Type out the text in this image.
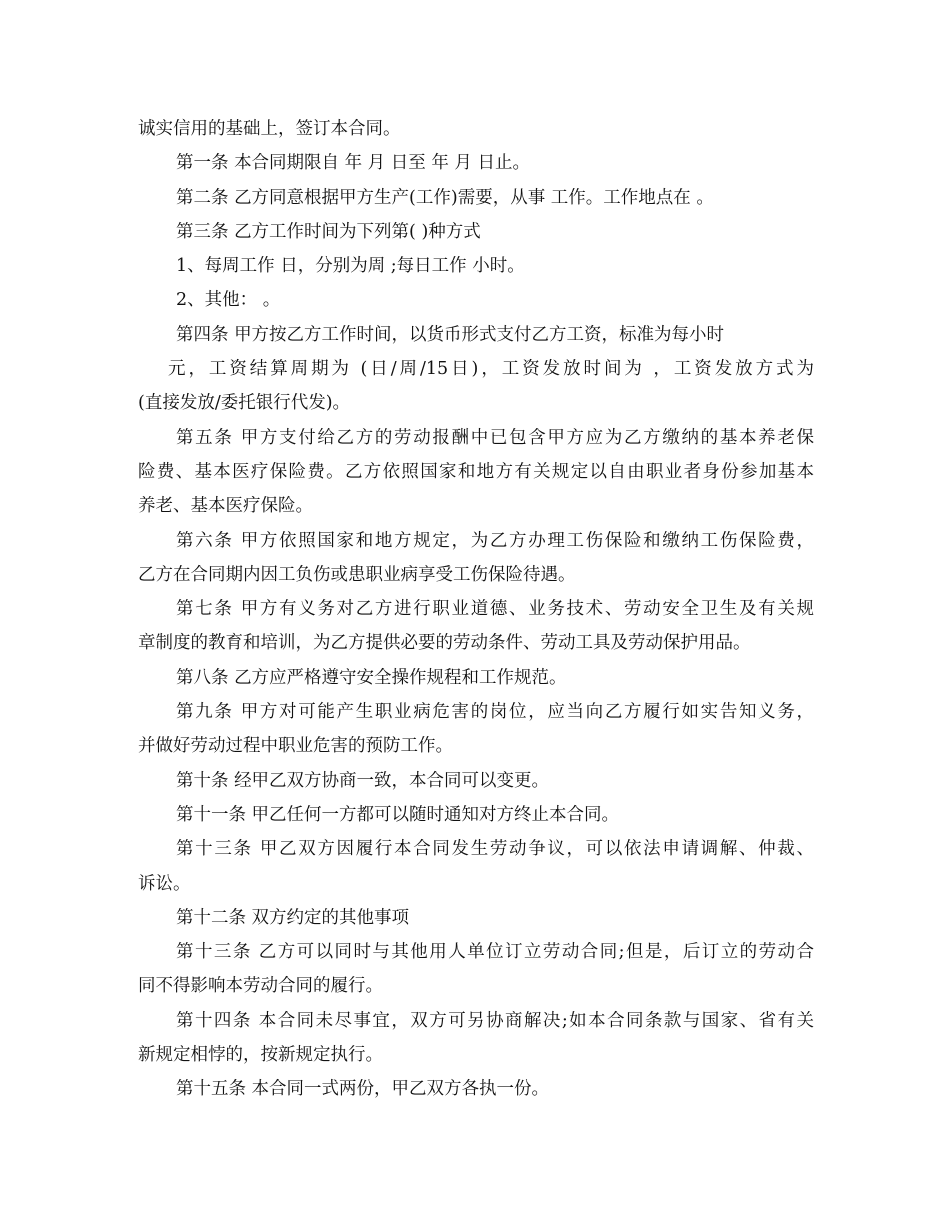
诚实信用的基础上，签订本合同。
第一条 本合同期限自 年 月 日至 年 月 日止。
第二条 乙方同意根据甲方生产(工作)需要，从事 工作。工作地点在 。
第三条 乙方工作时间为下列第( )种方式
1、每周工作 日，分别为周 ;每日工作 小时。
2、其他： 。
第四条 甲方按乙方工作时间，以货币形式支付乙方工资，标准为每小时
元，工资结算周期为 (日/周/15日)，工资发放时间为 ，工资发放方式为
(直接发放/委托银行代发)。
第五条 甲方支付给乙方的劳动报酬中已包含甲方应为乙方缴纳的基本养老保
险费、基本医疗保险费。乙方依照国家和地方有关规定以自由职业者身份参加基本
养老、基本医疗保险。
第六条 甲方依照国家和地方规定，为乙方办理工伤保险和缴纳工伤保险费，
乙方在合同期内因工负伤或患职业病享受工伤保险待遇。
第七条 甲方有义务对乙方进行职业道德、业务技术、劳动安全卫生及有关规
章制度的教育和培训，为乙方提供必要的劳动条件、劳动工具及劳动保护用品。
第八条 乙方应严格遵守安全操作规程和工作规范。
第九条 甲方对可能产生职业病危害的岗位，应当向乙方履行如实告知义务，
并做好劳动过程中职业危害的预防工作。
第十条 经甲乙双方协商一致，本合同可以变更。
第十一条 甲乙任何一方都可以随时通知对方终止本合同。
第十三条 甲乙双方因履行本合同发生劳动争议，可以依法申请调解、仲裁、
诉讼。
第十二条 双方约定的其他事项
第十三条 乙方可以同时与其他用人单位订立劳动合同;但是，后订立的劳动合
同不得影响本劳动合同的履行。
第十四条 本合同未尽事宜，双方可另协商解决;如本合同条款与国家、省有关
新规定相悖的，按新规定执行。
第十五条 本合同一式两份，甲乙双方各执一份。
